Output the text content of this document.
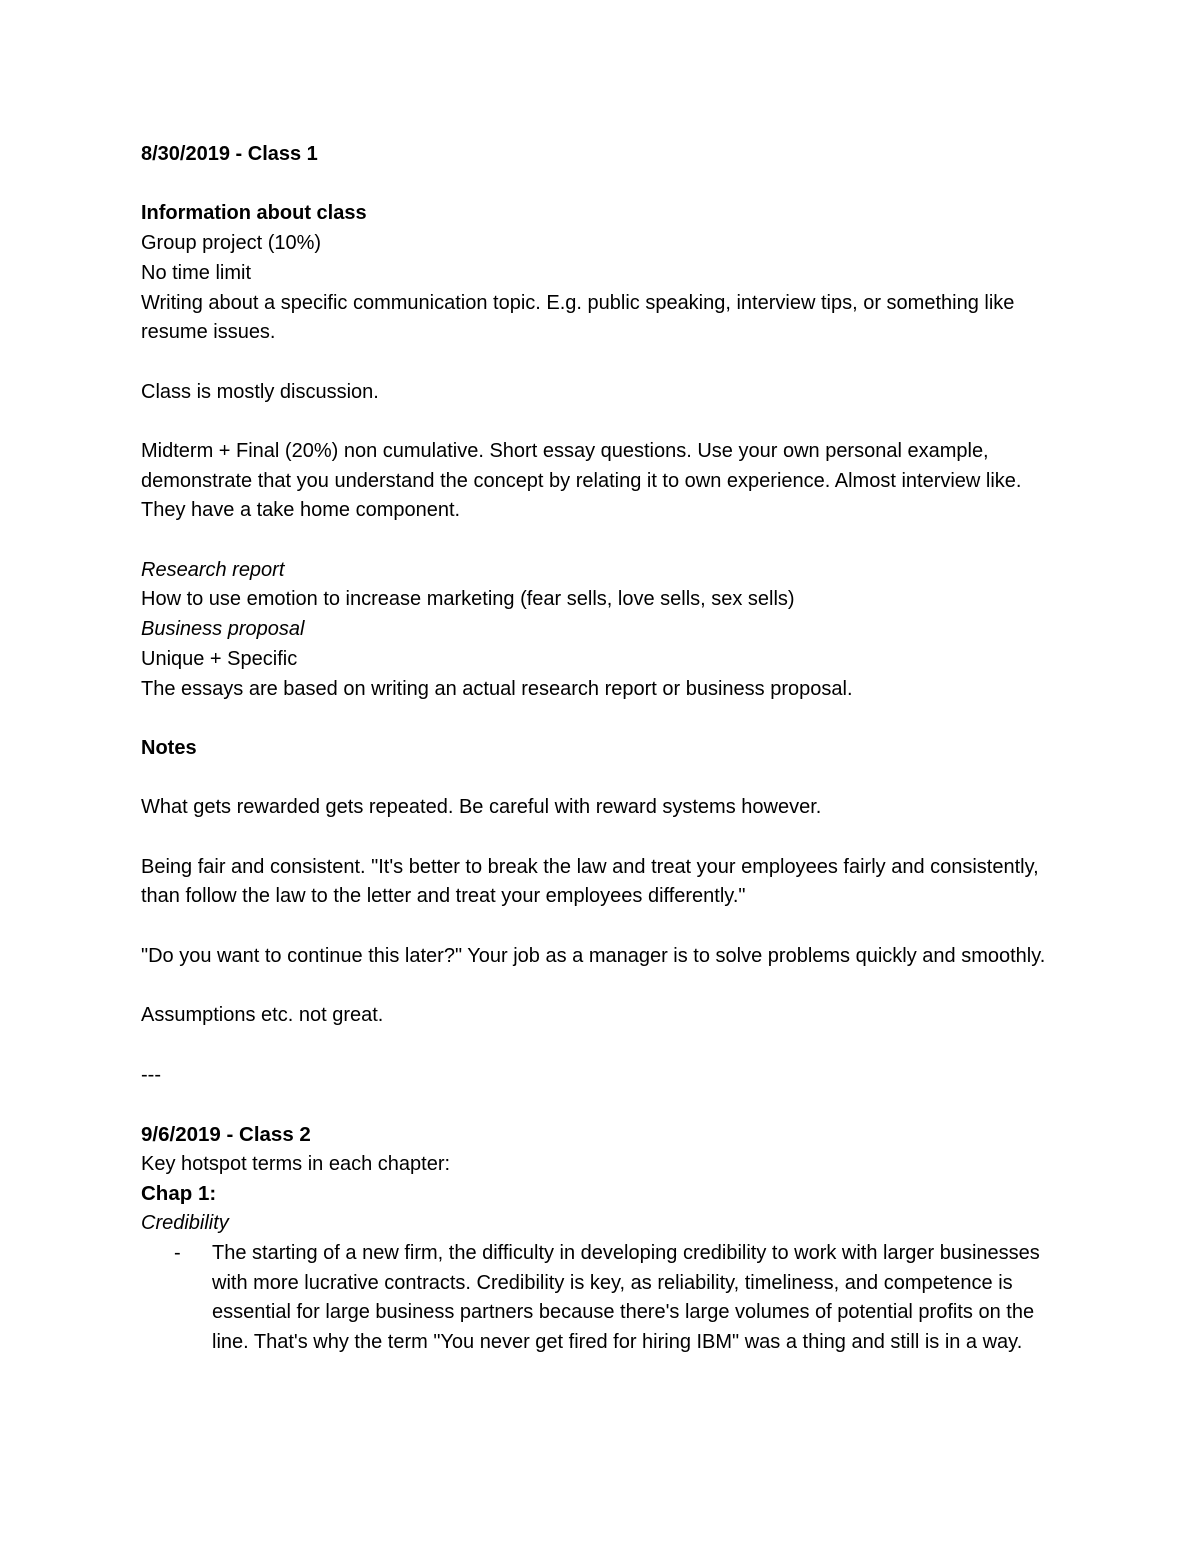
8/30/2019 - Class 1

Information about class

Group project (10%)

No time limit

Writing about a specific communication topic. E.g. public speaking, interview tips, or something like resume issues.

Class is mostly discussion.

Midterm + Final (20%) non cumulative. Short essay questions. Use your own personal example, demonstrate that you understand the concept by relating it to own experience. Almost interview like. They have a take home component.

Research report

How to use emotion to increase marketing (fear sells, love sells, sex sells)

Business proposal

Unique + Specific

The essays are based on writing an actual research report or business proposal.

Notes

What gets rewarded gets repeated. Be careful with reward systems however.

Being fair and consistent. "It's better to break the law and treat your employees fairly and consistently, than follow the law to the letter and treat your employees differently."

"Do you want to continue this later?" Your job as a manager is to solve problems quickly and smoothly.

Assumptions etc. not great.

---

9/6/2019 - Class 2

Key hotspot terms in each chapter:

Chap 1:

Credibility

- The starting of a new firm, the difficulty in developing credibility to work with larger businesses with more lucrative contracts. Credibility is key, as reliability, timeliness, and competence is essential for large business partners because there's large volumes of potential profits on the line. That's why the term "You never get fired for hiring IBM" was a thing and still is in a way.
